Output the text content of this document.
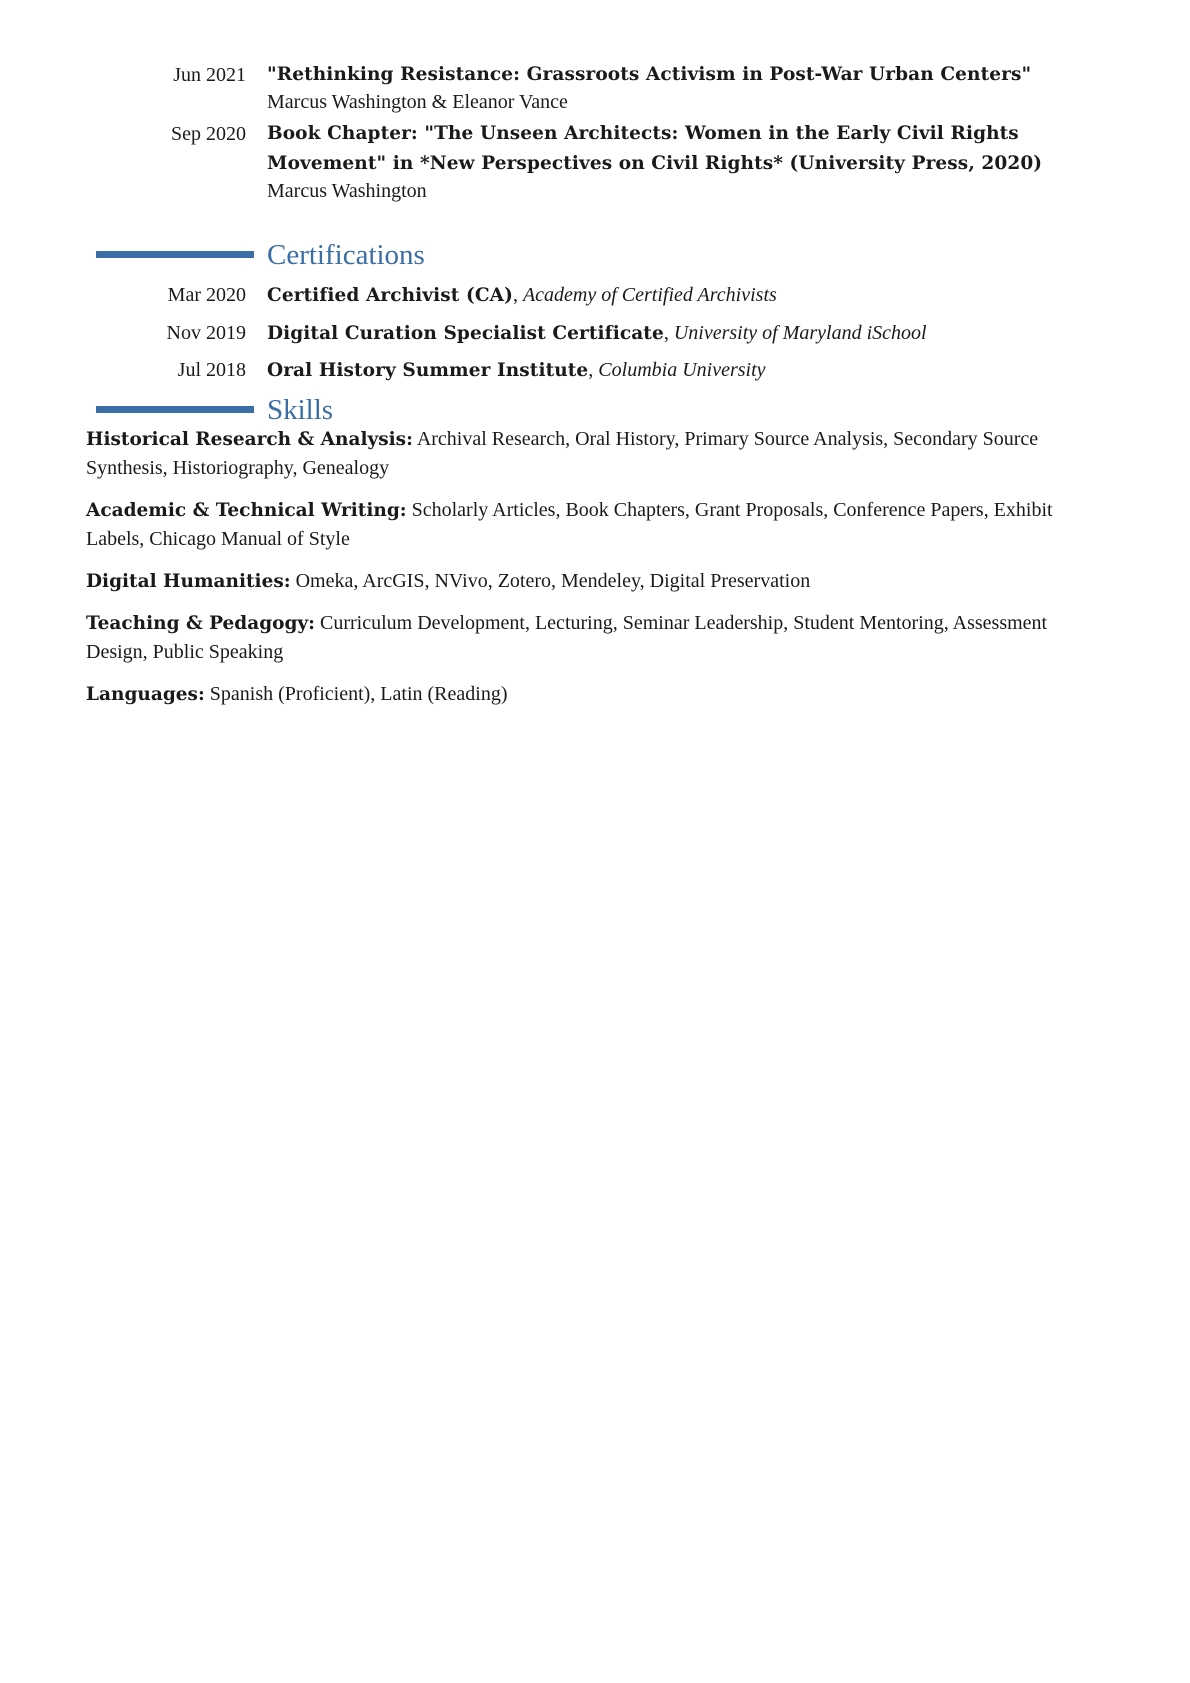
Jun 2021 "Rethinking Resistance: Grassroots Activism in Post-War Urban Centers"
Marcus Washington & Eleanor Vance
Sep 2020 Book Chapter: "The Unseen Architects: Women in the Early Civil Rights Movement" in *New Perspectives on Civil Rights* (University Press, 2020)
Marcus Washington
Certifications
Mar 2020 Certified Archivist (CA), Academy of Certified Archivists
Nov 2019 Digital Curation Specialist Certificate, University of Maryland iSchool
Jul 2018 Oral History Summer Institute, Columbia University
Skills
Historical Research & Analysis: Archival Research, Oral History, Primary Source Analysis, Secondary Source Synthesis, Historiography, Genealogy
Academic & Technical Writing: Scholarly Articles, Book Chapters, Grant Proposals, Conference Papers, Exhibit Labels, Chicago Manual of Style
Digital Humanities: Omeka, ArcGIS, NVivo, Zotero, Mendeley, Digital Preservation
Teaching & Pedagogy: Curriculum Development, Lecturing, Seminar Leadership, Student Mentoring, Assessment Design, Public Speaking
Languages: Spanish (Proficient), Latin (Reading)
